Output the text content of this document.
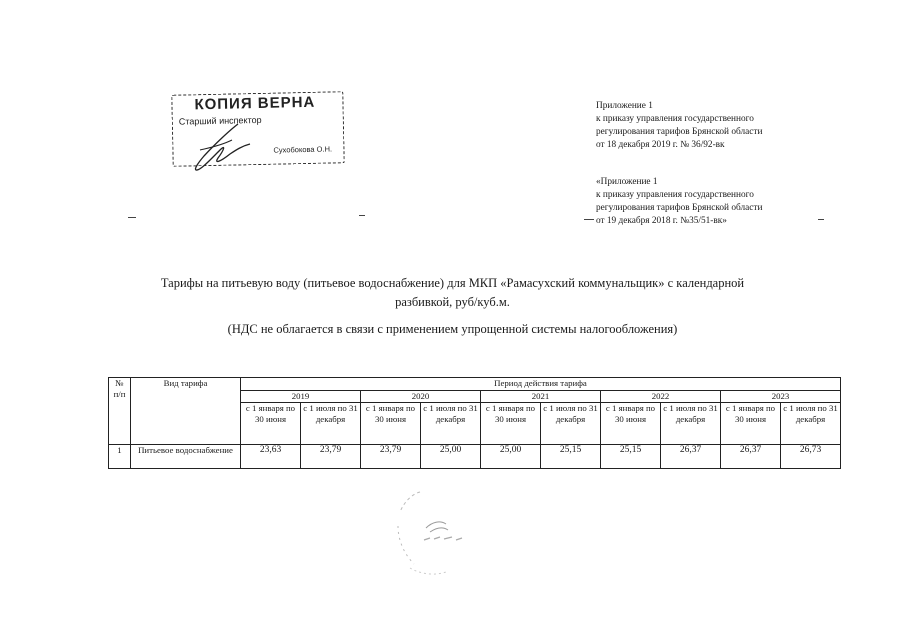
КОПИЯ ВЕРНА
Старший инспектор
Сухобокова О.Н.
Приложение 1
к приказу управления государственного
регулирования тарифов Брянской области
от 18 декабря 2019 г. № 36/92-вк
«Приложение 1
к приказу управления государственного
регулирования тарифов Брянской области
от 19 декабря 2018 г. №35/51-вк»
Тарифы на питьевую воду (питьевое водоснабжение) для МКП «Рамасухский коммунальщик» с календарной
разбивкой, руб/куб.м.
(НДС не облагается в связи с применением упрощенной системы налогообложения)
№ п/п	Вид тарифа	Период действия тарифа									
		2019		2020		2021		2022		2023	
		с 1 января по 30 июня	с 1 июля по 31 декабря	с 1 января по 30 июня	с 1 июля по 31 декабря	с 1 января по 30 июня	с 1 июля по 31 декабря	с 1 января по 30 июня	с 1 июля по 31 декабря	с 1 января по 30 июня	с 1 июля по 31 декабря
1	Питьевое водоснабжение	23,63	23,79	23,79	25,00	25,00	25,15	25,15	26,37	26,37	26,73
